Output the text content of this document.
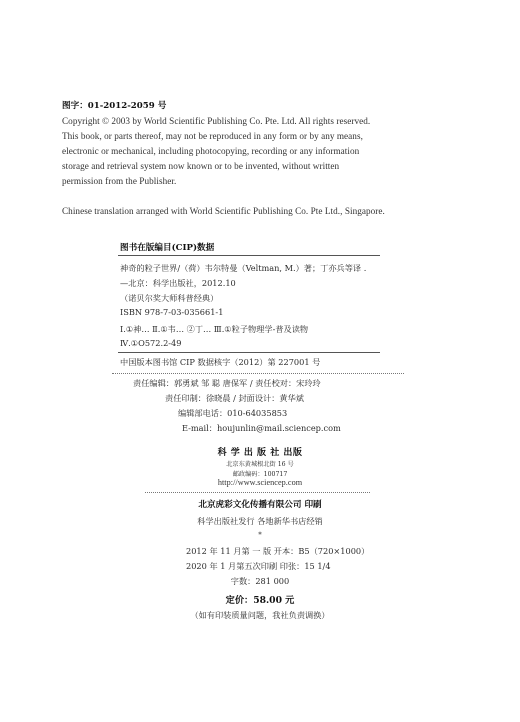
图字：01-2012-2059 号
Copyright © 2003 by World Scientific Publishing Co. Pte. Ltd. All rights reserved.
This book, or parts thereof, may not be reproduced in any form or by any means,
electronic or mechanical, including photocopying, recording or any information
storage and retrieval system now known or to be invented, without written
permission from the Publisher.
Chinese translation arranged with World Scientific Publishing Co. Pte Ltd., Singapore.
图书在版编目(CIP)数据
神奇的粒子世界/（荷）韦尔特曼（Veltman, M.）著；丁亦兵等译 .
—北京：科学出版社，2012.10
（诺贝尔奖大师科普经典）
ISBN 978-7-03-035661-1
Ⅰ.①神… Ⅱ.①韦… ②丁… Ⅲ.①粒子物理学-普及读物
Ⅳ.①O572.2-49
中国版本图书馆 CIP 数据核字（2012）第 227001 号
责任编辑：郭勇斌 邹 聪 唐保军 / 责任校对：宋玲玲
责任印制：徐晓晨 / 封面设计：黄华斌
编辑部电话：010-64035853
E-mail：houjunlin@mail.sciencep.com
科 学 出 版 社 出版
北京东黄城根北街 16 号
邮政编码：100717
http://www.sciencep.com
北京虎彩文化传播有限公司 印刷
科学出版社发行 各地新华书店经销
*
2012 年 11 月第 一 版 开本：B5（720×1000）
2020 年 1 月第五次印刷 印张：15 1/4
字数：281 000
定价：58.00 元
（如有印装质量问题，我社负责调换）
